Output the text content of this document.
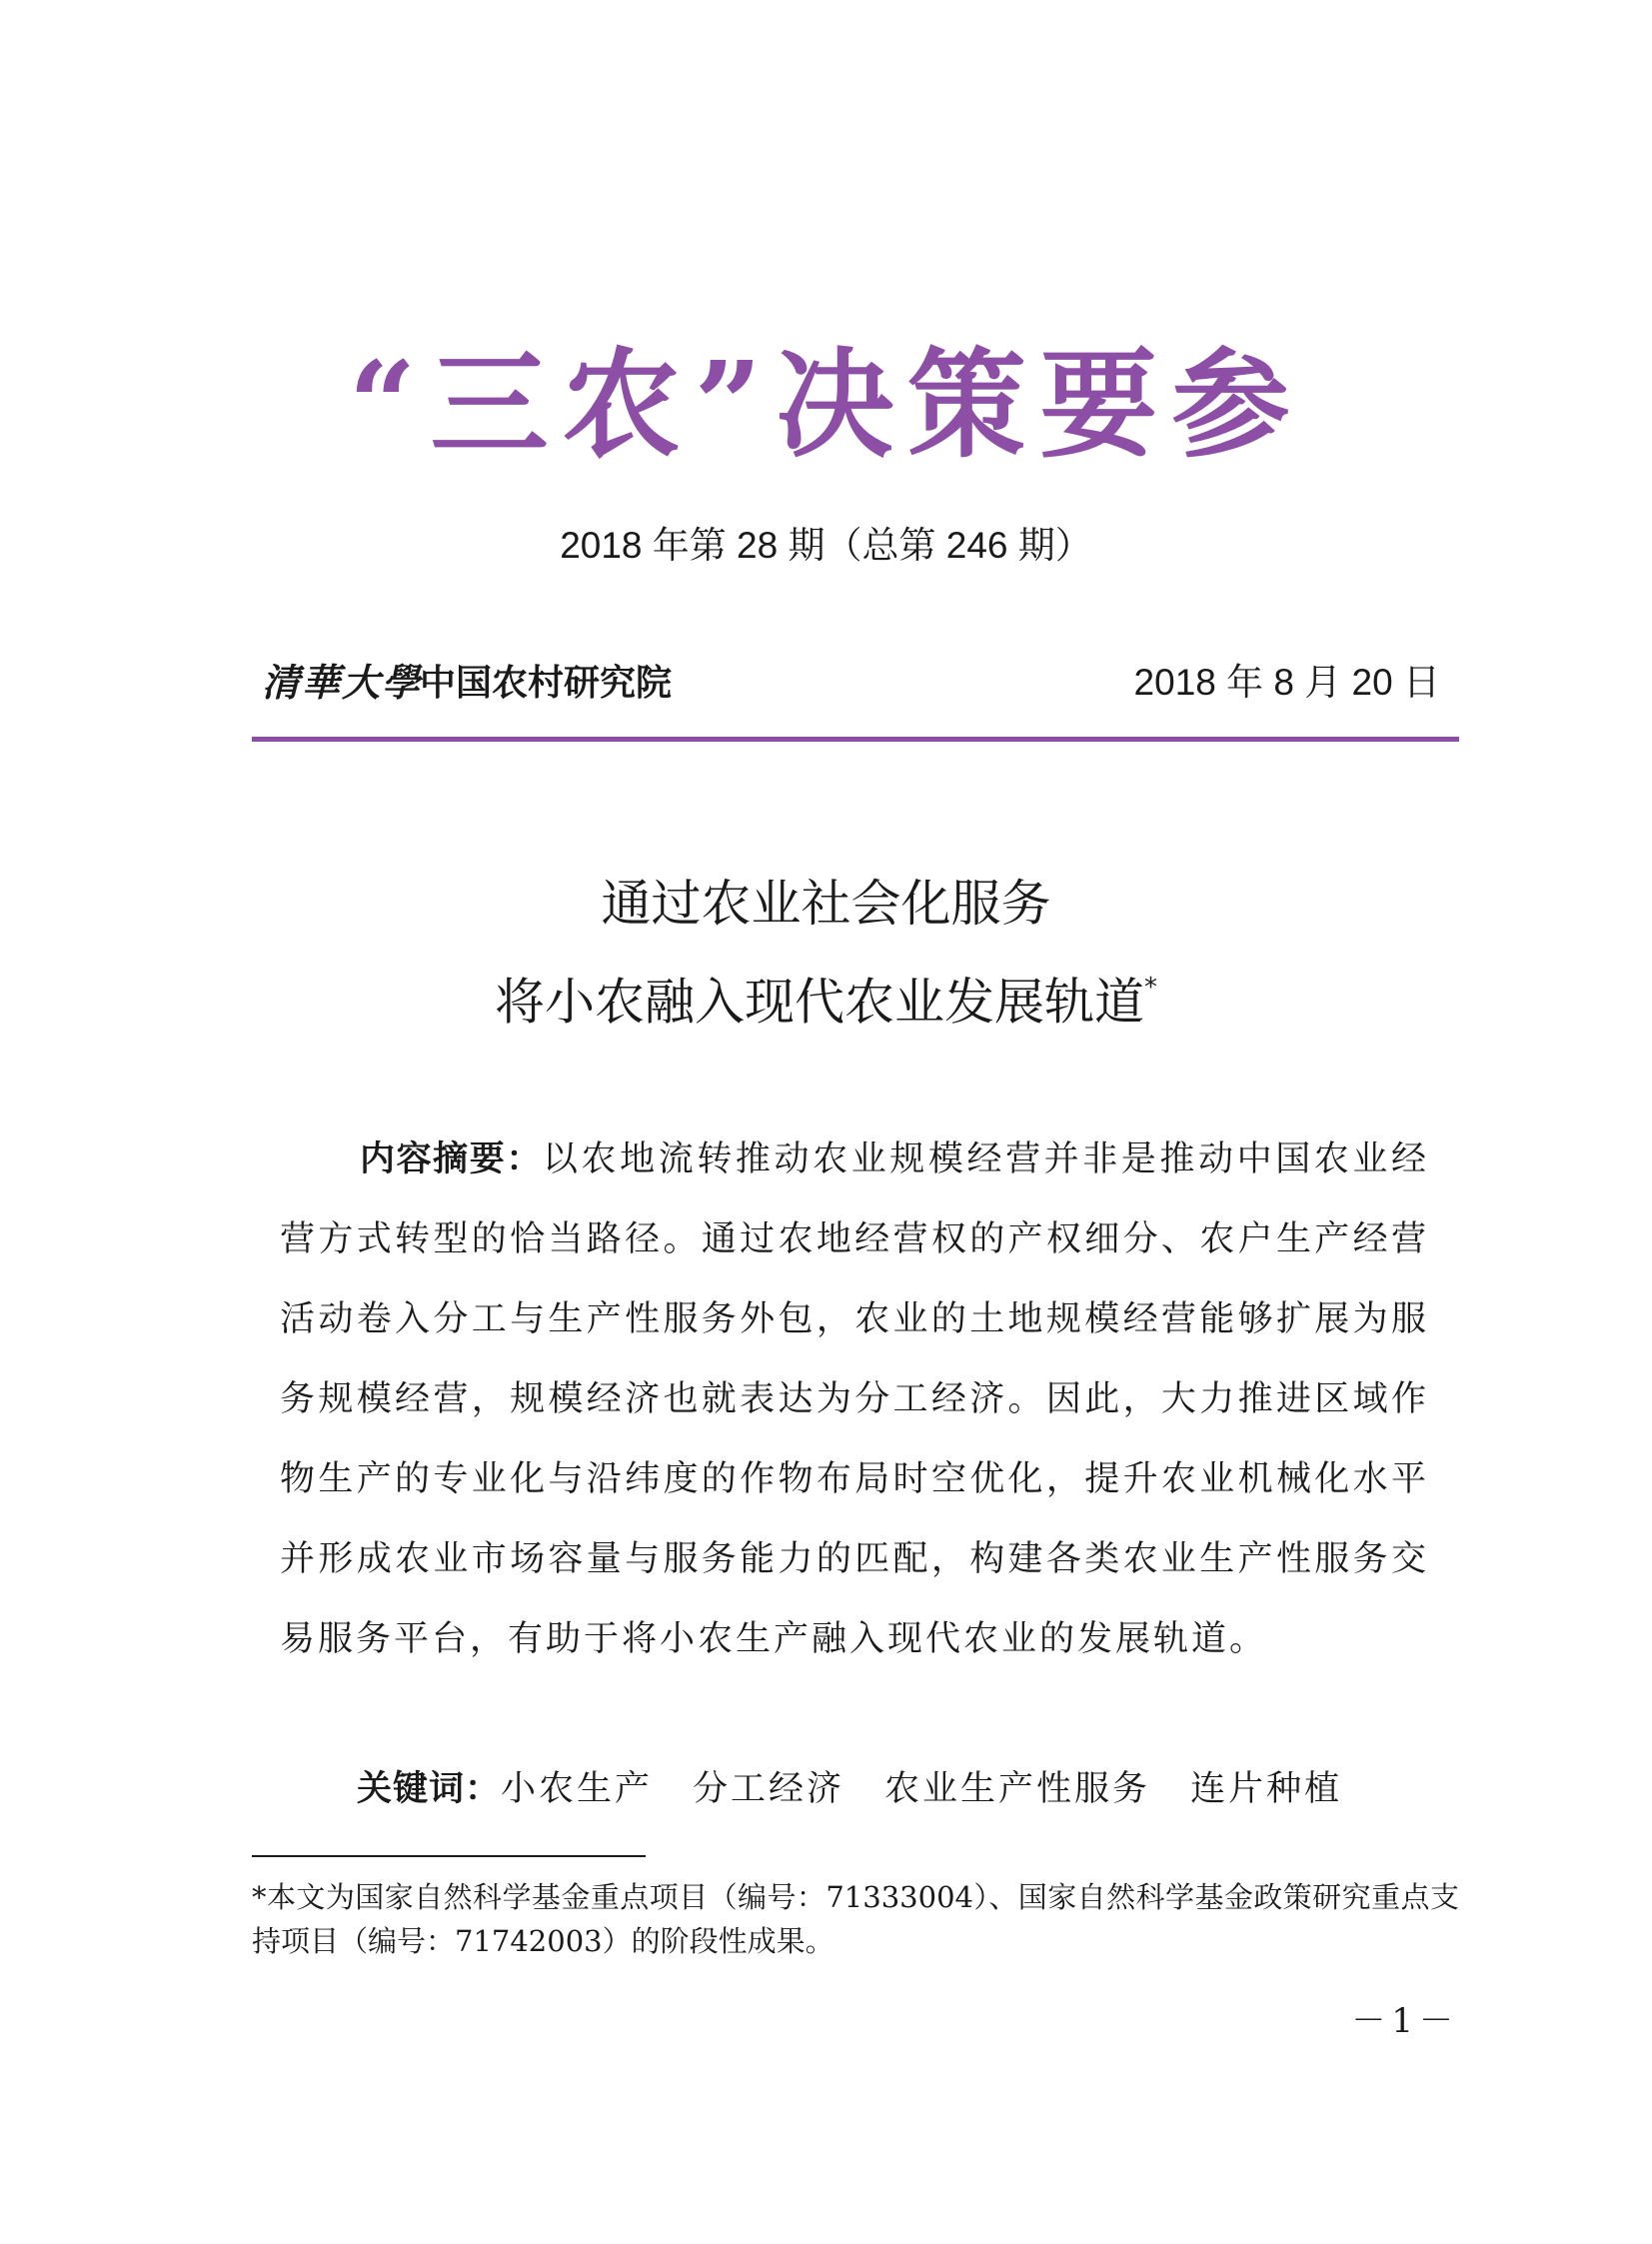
“三农”决策要参
2018 年第 28 期（总第 246 期）
清華大學
中国农村研究院	2018 年 8 月 20 日
通过农业社会化服务
将小农融入现代农业发展轨道*
内容摘要：以农地流转推动农业规模经营并非是推动中国农业经营方式转型的恰当路径。通过农地经营权的产权细分、农户生产经营活动卷入分工与生产性服务外包，农业的土地规模经营能够扩展为服务规模经营，规模经济也就表达为分工经济。因此，大力推进区域作物生产的专业化与沿纬度的作物布局时空优化，提升农业机械化水平并形成农业市场容量与服务能力的匹配，构建各类农业生产性服务交易服务平台，有助于将小农生产融入现代农业的发展轨道。
关键词：小农生产 分工经济 农业生产性服务 连片种植
*本文为国家自然科学基金重点项目（编号：71333004）、国家自然科学基金政策研究重点支持项目（编号：71742003）的阶段性成果。
－1－
